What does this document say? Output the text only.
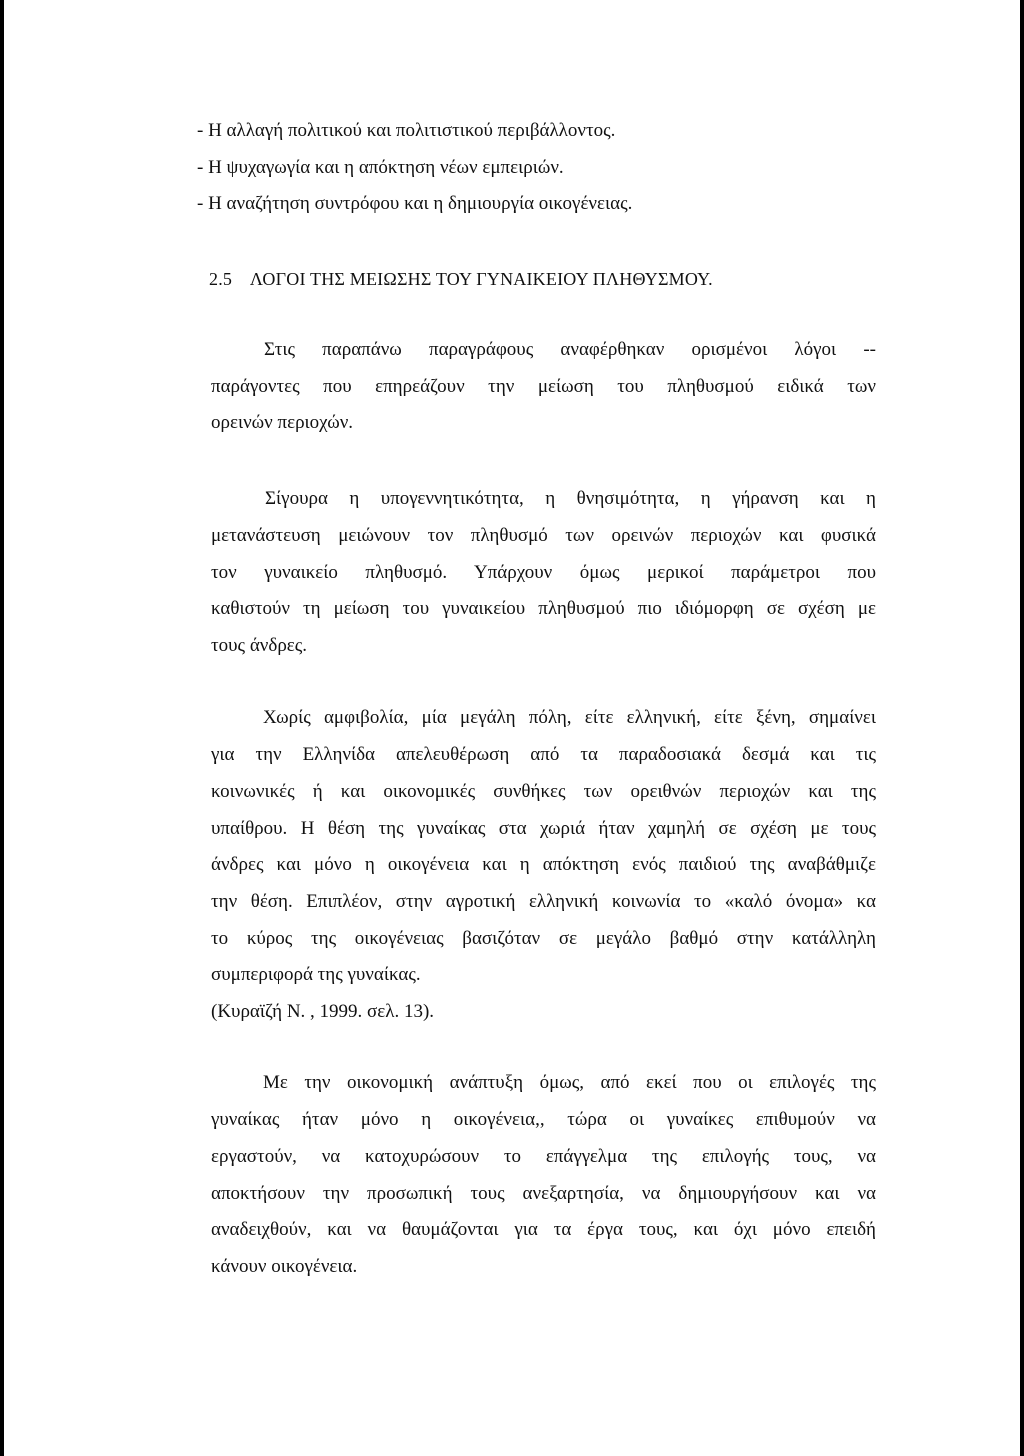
- Η αλλαγή πολιτικού και πολιτιστικού περιβάλλοντος.
- Η ψυχαγωγία και η απόκτηση νέων εμπειριών.
- Η αναζήτηση συντρόφου και η δημιουργία οικογένειας.
2.5 ΛΟΓΟΙ ΤΗΣ ΜΕΙΩΣΗΣ ΤΟΥ ΓΥΝΑΙΚΕΙΟΥ ΠΛΗΘΥΣΜΟΥ.
Στις παραπάνω παραγράφους αναφέρθηκαν ορισμένοι λόγοι --
παράγοντες που επηρεάζουν την μείωση του πληθυσμού ειδικά των
ορεινών περιοχών.
Σίγουρα η υπογεννητικότητα, η θνησιμότητα, η γήρανση και η
μετανάστευση μειώνουν τον πληθυσμό των ορεινών περιοχών και φυσικά
τον γυναικείο πληθυσμό. Υπάρχουν όμως μερικοί παράμετροι που
καθιστούν τη μείωση του γυναικείου πληθυσμού πιο ιδιόμορφη σε σχέση με
τους άνδρες.
Χωρίς αμφιβολία, μία μεγάλη πόλη, είτε ελληνική, είτε ξένη, σημαίνει
για την Ελληνίδα απελευθέρωση από τα παραδοσιακά δεσμά και τις
κοινωνικές ή και οικονομικές συνθήκες των ορειθνών περιοχών και της
υπαίθρου. Η θέση της γυναίκας στα χωριά ήταν χαμηλή σε σχέση με τους
άνδρες και μόνο η οικογένεια και η απόκτηση ενός παιδιού της αναβάθμιζε
την θέση. Επιπλέον, στην αγροτική ελληνική κοινωνία το «καλό όνομα» κα
το κύρος της οικογένειας βασιζόταν σε μεγάλο βαθμό στην κατάλληλη
συμπεριφορά της γυναίκας.
(Κυραϊζή Ν. , 1999. σελ. 13).
Με την οικονομική ανάπτυξη όμως, από εκεί που οι επιλογές της
γυναίκας ήταν μόνο η οικογένεια,, τώρα οι γυναίκες επιθυμούν να
εργαστούν, να κατοχυρώσουν το επάγγελμα της επιλογής τους, να
αποκτήσουν την προσωπική τους ανεξαρτησία, να δημιουργήσουν και να
αναδειχθούν, και να θαυμάζονται για τα έργα τους, και όχι μόνο επειδή
κάνουν οικογένεια.
